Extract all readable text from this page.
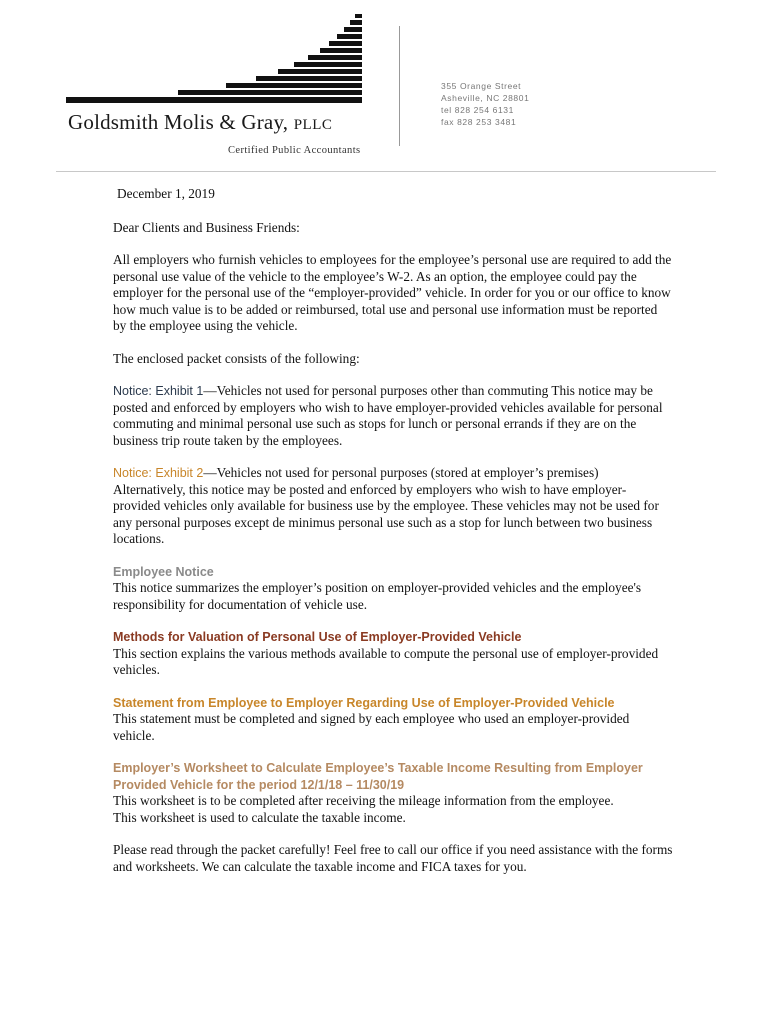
Goldsmith Molis & Gray, PLLC
Certified Public Accountants
355 Orange Street
Asheville, NC 28801
tel 828 254 6131
fax 828 253 3481
December 1, 2019

Dear Clients and Business Friends:

All employers who furnish vehicles to employees for the employee’s personal use are required to add the personal use value of the vehicle to the employee’s W-2. As an option, the employee could pay the employer for the personal use of the “employer-provided” vehicle. In order for you or our office to know how much value is to be added or reimbursed, total use and personal use information must be reported by the employee using the vehicle.

The enclosed packet consists of the following:

Notice: Exhibit 1—Vehicles not used for personal purposes other than commuting This notice may be posted and enforced by employers who wish to have employer-provided vehicles available for personal commuting and minimal personal use such as stops for lunch or personal errands if they are on the business trip route taken by the employees.
Notice: Exhibit 2—Vehicles not used for personal purposes (stored at employer’s premises) Alternatively, this notice may be posted and enforced by employers who wish to have employer-provided vehicles only available for business use by the employee. These vehicles may not be used for any personal purposes except de minimus personal use such as a stop for lunch between two business locations.
Employee Notice
This notice summarizes the employer’s position on employer-provided vehicles and the employee's responsibility for documentation of vehicle use.
Methods for Valuation of Personal Use of Employer-Provided Vehicle
This section explains the various methods available to compute the personal use of employer-provided vehicles.
Statement from Employee to Employer Regarding Use of Employer-Provided Vehicle
This statement must be completed and signed by each employee who used an employer-provided vehicle.
Employer’s Worksheet to Calculate Employee’s Taxable Income Resulting from Employer Provided Vehicle for the period 12/1/18 – 11/30/19
This worksheet is to be completed after receiving the mileage information from the employee.
This worksheet is used to calculate the taxable income.

Please read through the packet carefully! Feel free to call our office if you need assistance with the forms and worksheets. We can calculate the taxable income and FICA taxes for you.
